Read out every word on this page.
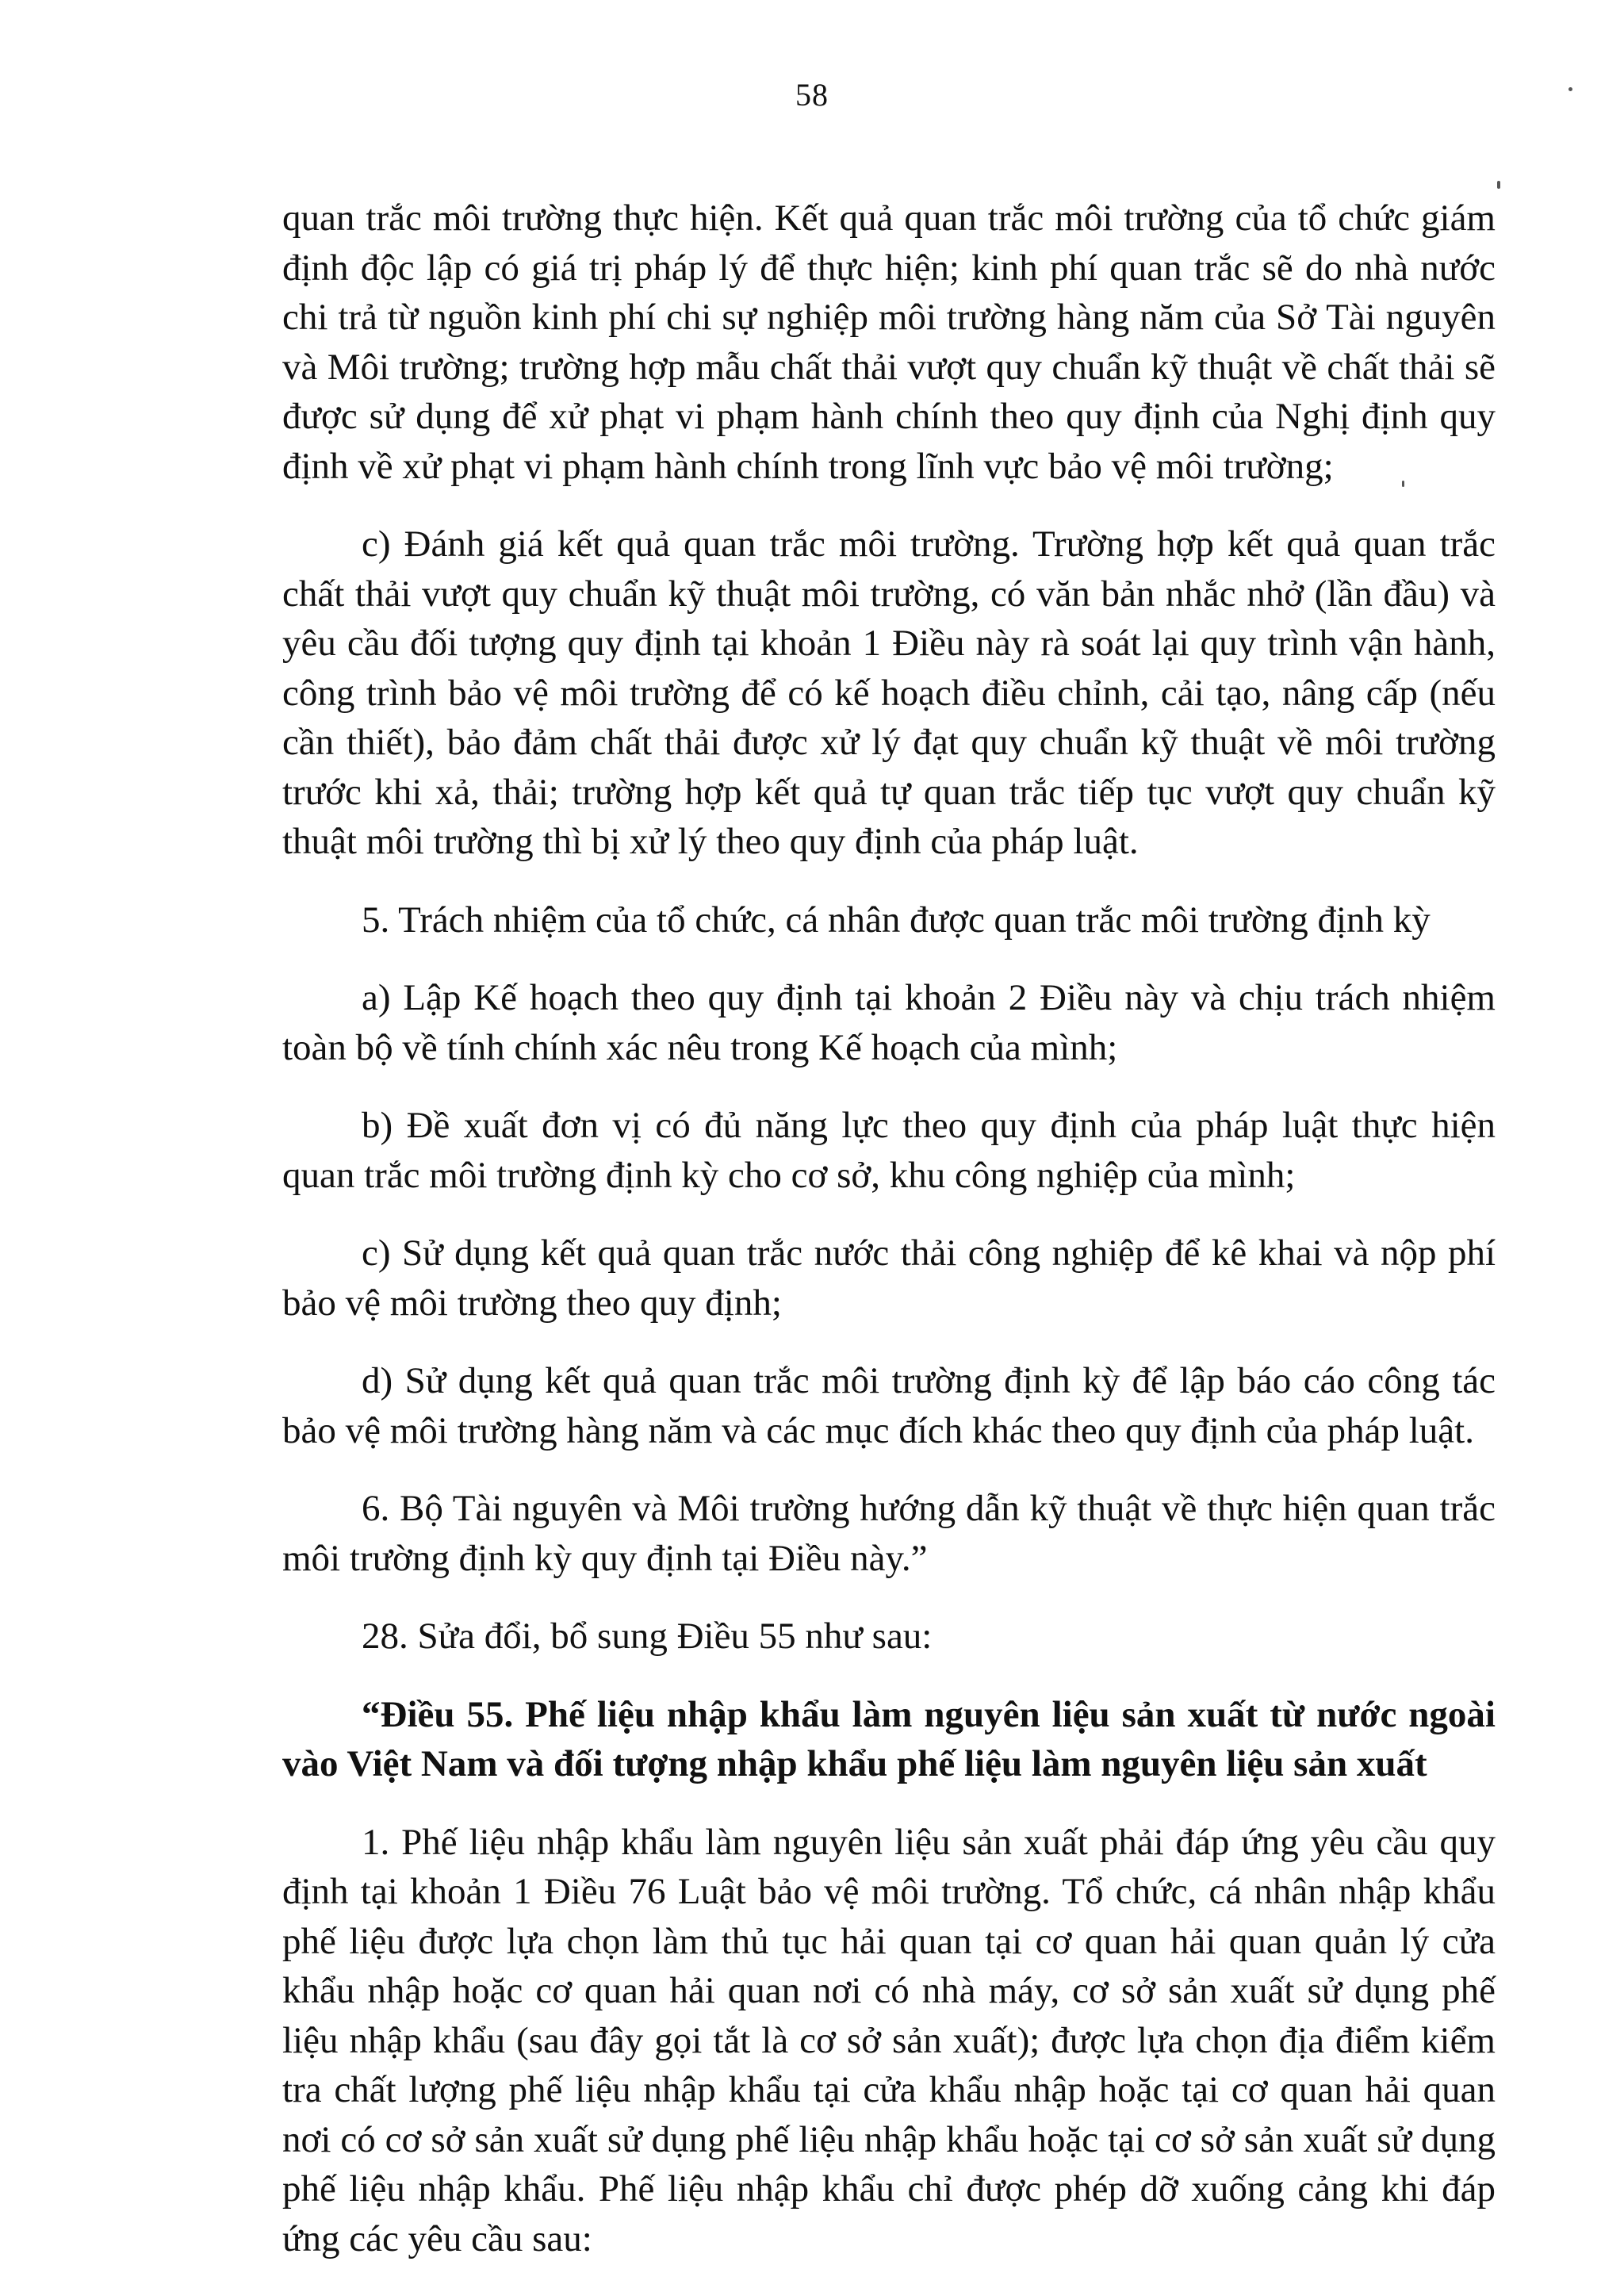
58

quan trắc môi trường thực hiện. Kết quả quan trắc môi trường của tổ chức giám định độc lập có giá trị pháp lý để thực hiện; kinh phí quan trắc sẽ do nhà nước chi trả từ nguồn kinh phí chi sự nghiệp môi trường hàng năm của Sở Tài nguyên và Môi trường; trường hợp mẫu chất thải vượt quy chuẩn kỹ thuật về chất thải sẽ được sử dụng để xử phạt vi phạm hành chính theo quy định của Nghị định quy định về xử phạt vi phạm hành chính trong lĩnh vực bảo vệ môi trường;

c) Đánh giá kết quả quan trắc môi trường. Trường hợp kết quả quan trắc chất thải vượt quy chuẩn kỹ thuật môi trường, có văn bản nhắc nhở (lần đầu) và yêu cầu đối tượng quy định tại khoản 1 Điều này rà soát lại quy trình vận hành, công trình bảo vệ môi trường để có kế hoạch điều chỉnh, cải tạo, nâng cấp (nếu cần thiết), bảo đảm chất thải được xử lý đạt quy chuẩn kỹ thuật về môi trường trước khi xả, thải; trường hợp kết quả tự quan trắc tiếp tục vượt quy chuẩn kỹ thuật môi trường thì bị xử lý theo quy định của pháp luật.

5. Trách nhiệm của tổ chức, cá nhân được quan trắc môi trường định kỳ

a) Lập Kế hoạch theo quy định tại khoản 2 Điều này và chịu trách nhiệm toàn bộ về tính chính xác nêu trong Kế hoạch của mình;

b) Đề xuất đơn vị có đủ năng lực theo quy định của pháp luật thực hiện quan trắc môi trường định kỳ cho cơ sở, khu công nghiệp của mình;

c) Sử dụng kết quả quan trắc nước thải công nghiệp để kê khai và nộp phí bảo vệ môi trường theo quy định;

d) Sử dụng kết quả quan trắc môi trường định kỳ để lập báo cáo công tác bảo vệ môi trường hàng năm và các mục đích khác theo quy định của pháp luật.

6. Bộ Tài nguyên và Môi trường hướng dẫn kỹ thuật về thực hiện quan trắc môi trường định kỳ quy định tại Điều này.”

28. Sửa đổi, bổ sung Điều 55 như sau:

“Điều 55. Phế liệu nhập khẩu làm nguyên liệu sản xuất từ nước ngoài vào Việt Nam và đối tượng nhập khẩu phế liệu làm nguyên liệu sản xuất

1. Phế liệu nhập khẩu làm nguyên liệu sản xuất phải đáp ứng yêu cầu quy định tại khoản 1 Điều 76 Luật bảo vệ môi trường. Tổ chức, cá nhân nhập khẩu phế liệu được lựa chọn làm thủ tục hải quan tại cơ quan hải quan quản lý cửa khẩu nhập hoặc cơ quan hải quan nơi có nhà máy, cơ sở sản xuất sử dụng phế liệu nhập khẩu (sau đây gọi tắt là cơ sở sản xuất); được lựa chọn địa điểm kiểm tra chất lượng phế liệu nhập khẩu tại cửa khẩu nhập hoặc tại cơ quan hải quan nơi có cơ sở sản xuất sử dụng phế liệu nhập khẩu hoặc tại cơ sở sản xuất sử dụng phế liệu nhập khẩu. Phế liệu nhập khẩu chỉ được phép dỡ xuống cảng khi đáp ứng các yêu cầu sau:
